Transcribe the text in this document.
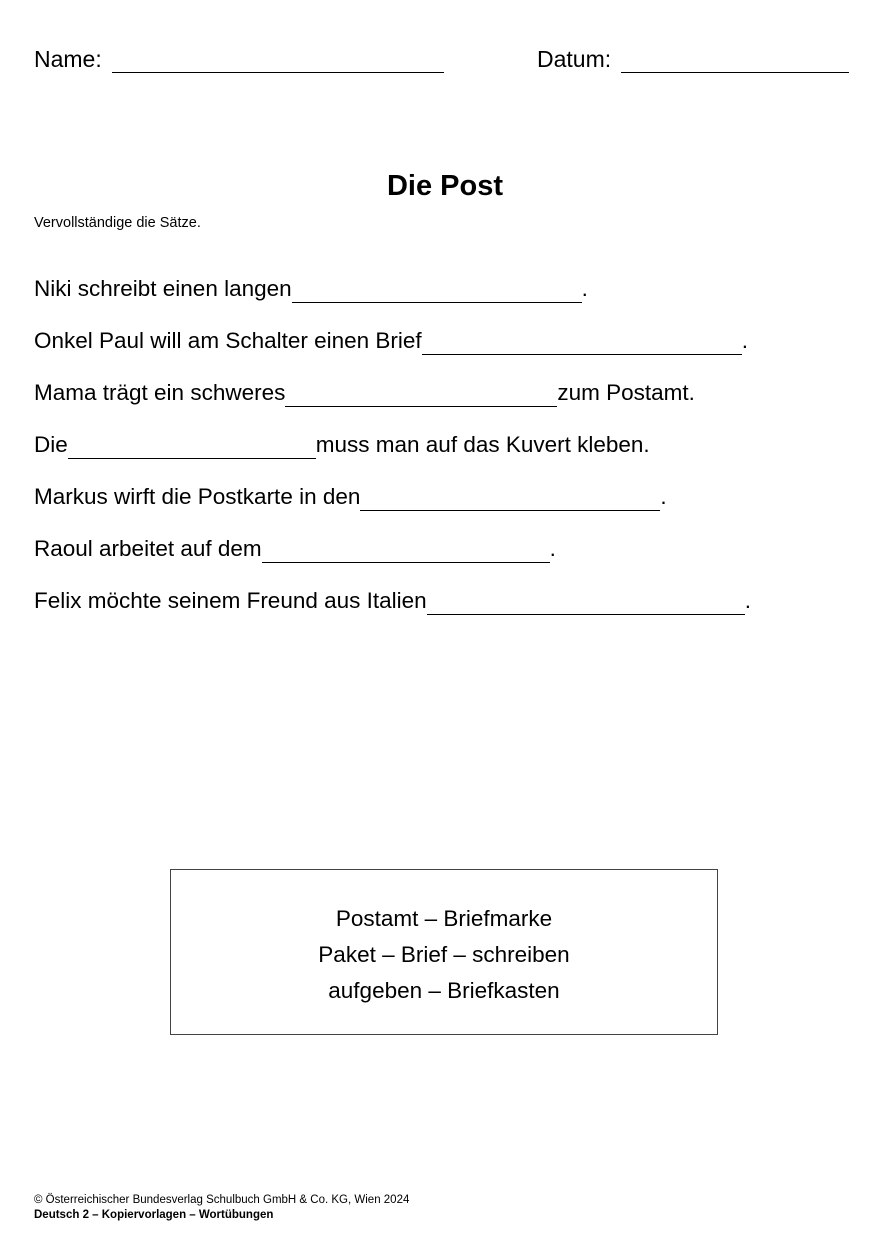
Name:	Datum:
Die Post
Vervollständige die Sätze.
Niki schreibt einen langen	.
Onkel Paul will am Schalter einen Brief	.
Mama trägt ein schweres	zum Postamt.
Die	muss man auf das Kuvert kleben.
Markus wirft die Postkarte in den	.
Raoul arbeitet auf dem	.
Felix möchte seinem Freund aus Italien	.
Postamt – Briefmarke
Paket – Brief – schreiben
aufgeben – Briefkasten
© Österreichischer Bundesverlag Schulbuch GmbH & Co. KG, Wien 2024
Deutsch 2 – Kopiervorlagen – Wortübungen
